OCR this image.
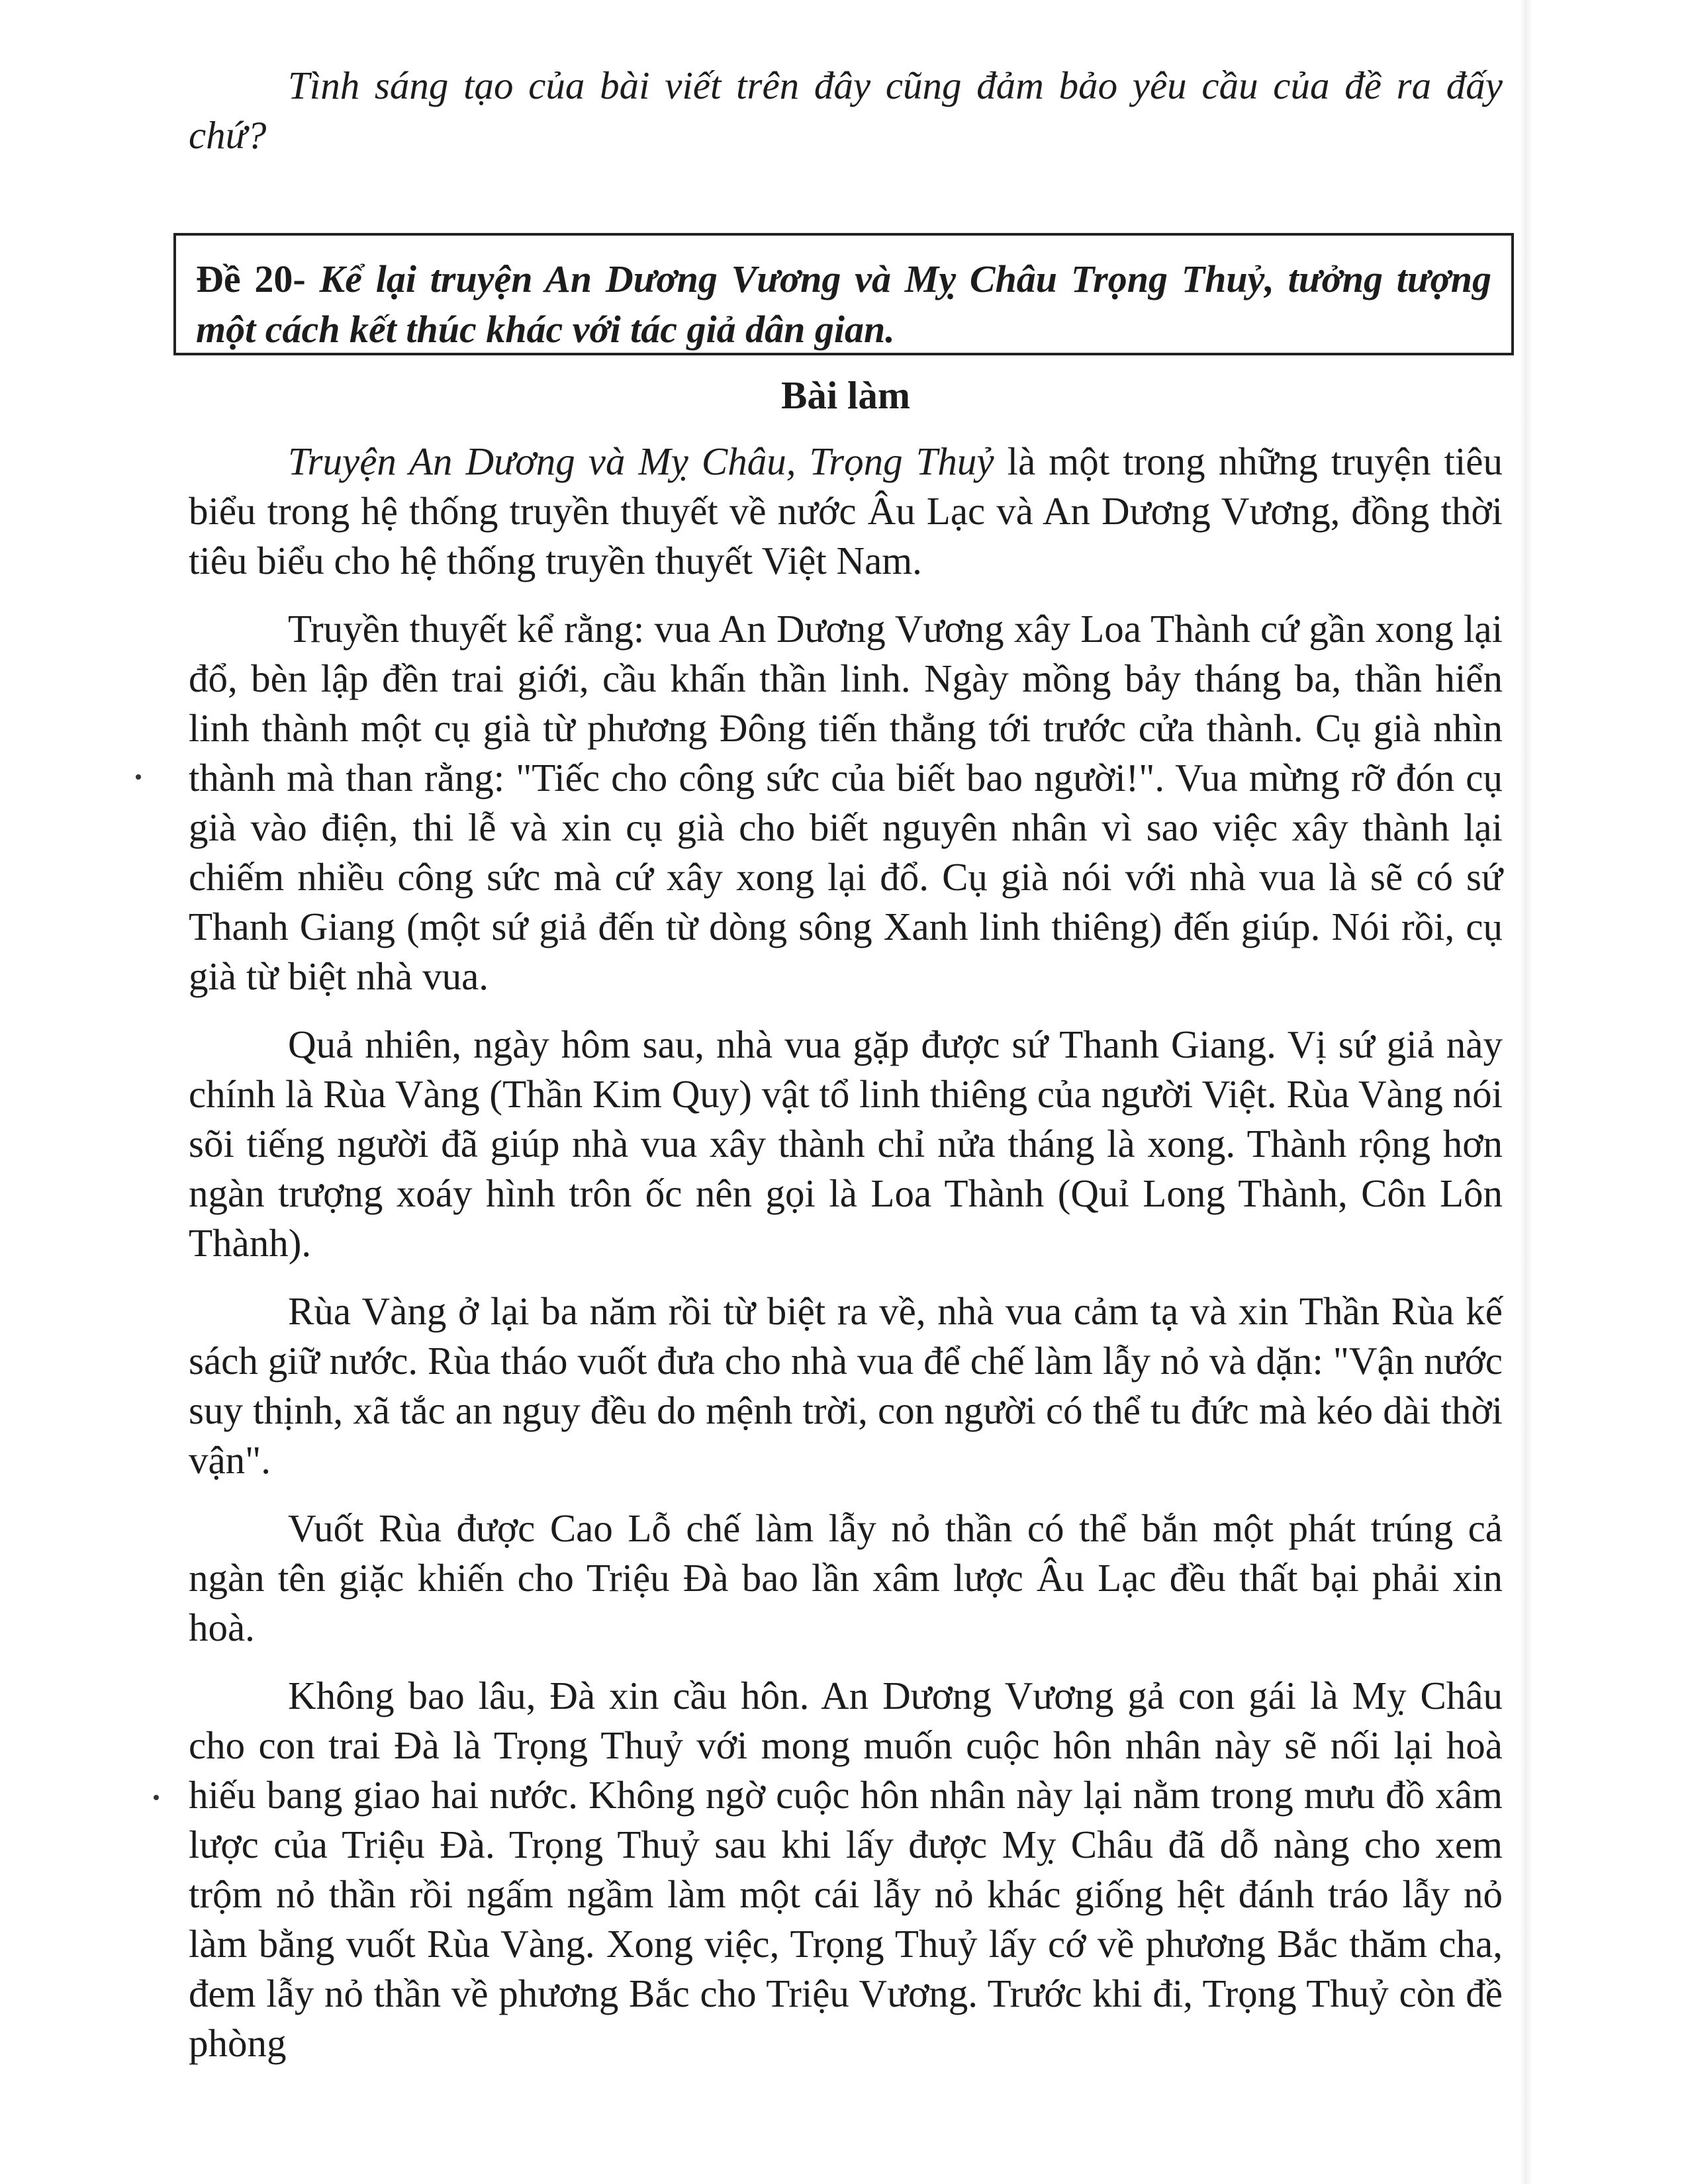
Tình sáng tạo của bài viết trên đây cũng đảm bảo yêu cầu của đề ra đấy chứ?
Đề 20- Kể lại truyện An Dương Vương và Mỵ Châu Trọng Thuỷ, tưởng tượng một cách kết thúc khác với tác giả dân gian.
Bài làm

Truyện An Dương và Mỵ Châu, Trọng Thuỷ là một trong những truyện tiêu biểu trong hệ thống truyền thuyết về nước Âu Lạc và An Dương Vương, đồng thời tiêu biểu cho hệ thống truyền thuyết Việt Nam.

Truyền thuyết kể rằng: vua An Dương Vương xây Loa Thành cứ gần xong lại đổ, bèn lập đền trai giới, cầu khấn thần linh. Ngày mồng bảy tháng ba, thần hiển linh thành một cụ già từ phương Đông tiến thẳng tới trước cửa thành. Cụ già nhìn thành mà than rằng: "Tiếc cho công sức của biết bao người!". Vua mừng rỡ đón cụ già vào điện, thi lễ và xin cụ già cho biết nguyên nhân vì sao việc xây thành lại chiếm nhiều công sức mà cứ xây xong lại đổ. Cụ già nói với nhà vua là sẽ có sứ Thanh Giang (một sứ giả đến từ dòng sông Xanh linh thiêng) đến giúp. Nói rồi, cụ già từ biệt nhà vua.

Quả nhiên, ngày hôm sau, nhà vua gặp được sứ Thanh Giang. Vị sứ giả này chính là Rùa Vàng (Thần Kim Quy) vật tổ linh thiêng của người Việt. Rùa Vàng nói sõi tiếng người đã giúp nhà vua xây thành chỉ nửa tháng là xong. Thành rộng hơn ngàn trượng xoáy hình trôn ốc nên gọi là Loa Thành (Quỉ Long Thành, Côn Lôn Thành).

Rùa Vàng ở lại ba năm rồi từ biệt ra về, nhà vua cảm tạ và xin Thần Rùa kế sách giữ nước. Rùa tháo vuốt đưa cho nhà vua để chế làm lẫy nỏ và dặn: "Vận nước suy thịnh, xã tắc an nguy đều do mệnh trời, con người có thể tu đức mà kéo dài thời vận".

Vuốt Rùa được Cao Lỗ chế làm lẫy nỏ thần có thể bắn một phát trúng cả ngàn tên giặc khiến cho Triệu Đà bao lần xâm lược Âu Lạc đều thất bại phải xin hoà.

Không bao lâu, Đà xin cầu hôn. An Dương Vương gả con gái là Mỵ Châu cho con trai Đà là Trọng Thuỷ với mong muốn cuộc hôn nhân này sẽ nối lại hoà hiếu bang giao hai nước. Không ngờ cuộc hôn nhân này lại nằm trong mưu đồ xâm lược của Triệu Đà. Trọng Thuỷ sau khi lấy được Mỵ Châu đã dỗ nàng cho xem trộm nỏ thần rồi ngấm ngầm làm một cái lẫy nỏ khác giống hệt đánh tráo lẫy nỏ làm bằng vuốt Rùa Vàng. Xong việc, Trọng Thuỷ lấy cớ về phương Bắc thăm cha, đem lẫy nỏ thần về phương Bắc cho Triệu Vương. Trước khi đi, Trọng Thuỷ còn đề phòng
